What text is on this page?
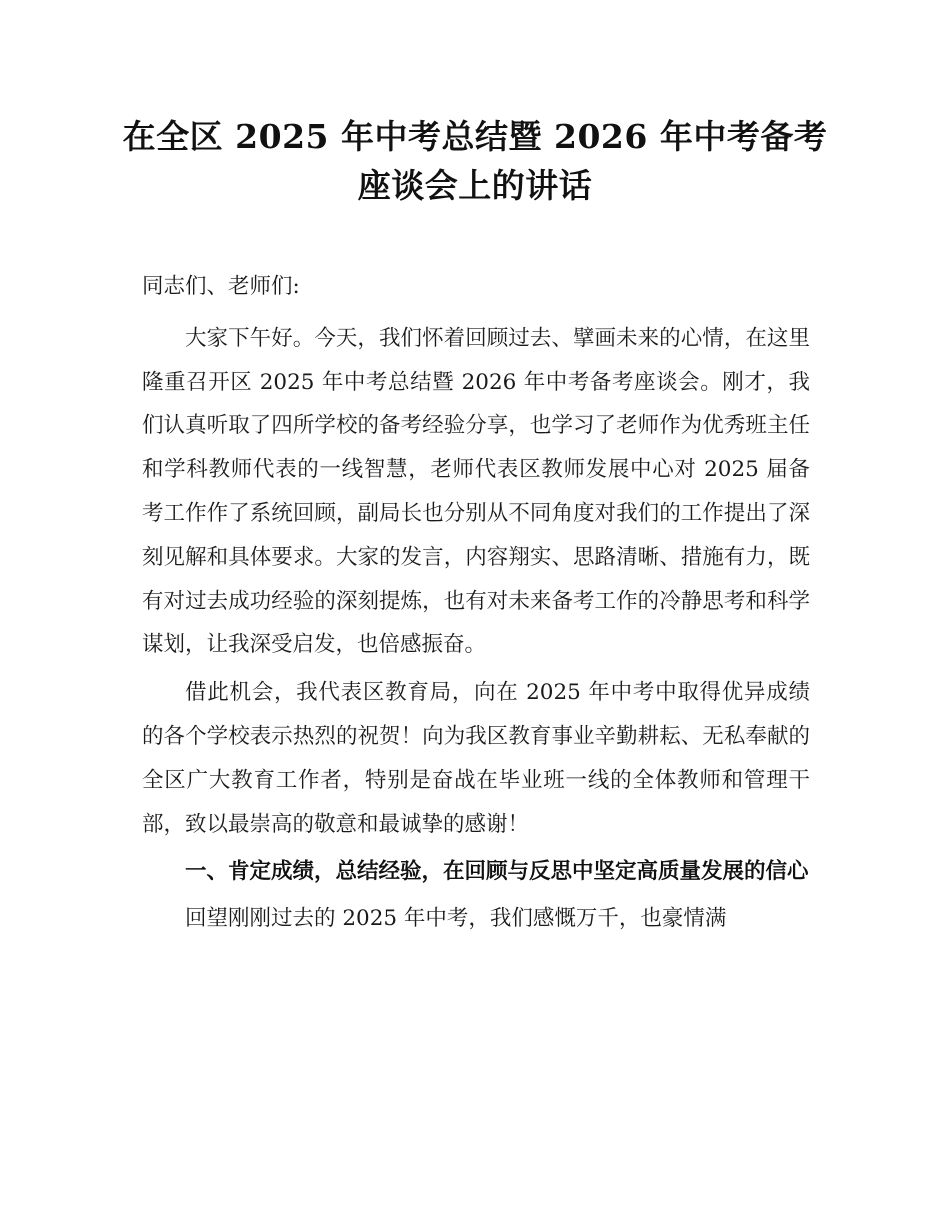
在全区 2025 年中考总结暨 2026 年中考备考
座谈会上的讲话

同志们、老师们:

大家下午好。今天，我们怀着回顾过去、擘画未来的心情，在这里隆重召开区 2025 年中考总结暨 2026 年中考备考座谈会。刚才，我们认真听取了四所学校的备考经验分享，也学习了老师作为优秀班主任和学科教师代表的一线智慧，老师代表区教师发展中心对 2025 届备考工作作了系统回顾，副局长也分别从不同角度对我们的工作提出了深刻见解和具体要求。大家的发言，内容翔实、思路清晰、措施有力，既有对过去成功经验的深刻提炼，也有对未来备考工作的冷静思考和科学谋划，让我深受启发，也倍感振奋。

借此机会，我代表区教育局，向在 2025 年中考中取得优异成绩的各个学校表示热烈的祝贺！向为我区教育事业辛勤耕耘、无私奉献的全区广大教育工作者，特别是奋战在毕业班一线的全体教师和管理干部，致以最崇高的敬意和最诚挚的感谢！

一、肯定成绩，总结经验，在回顾与反思中坚定高质量发展的信心

回望刚刚过去的 2025 年中考，我们感慨万千，也豪情满
